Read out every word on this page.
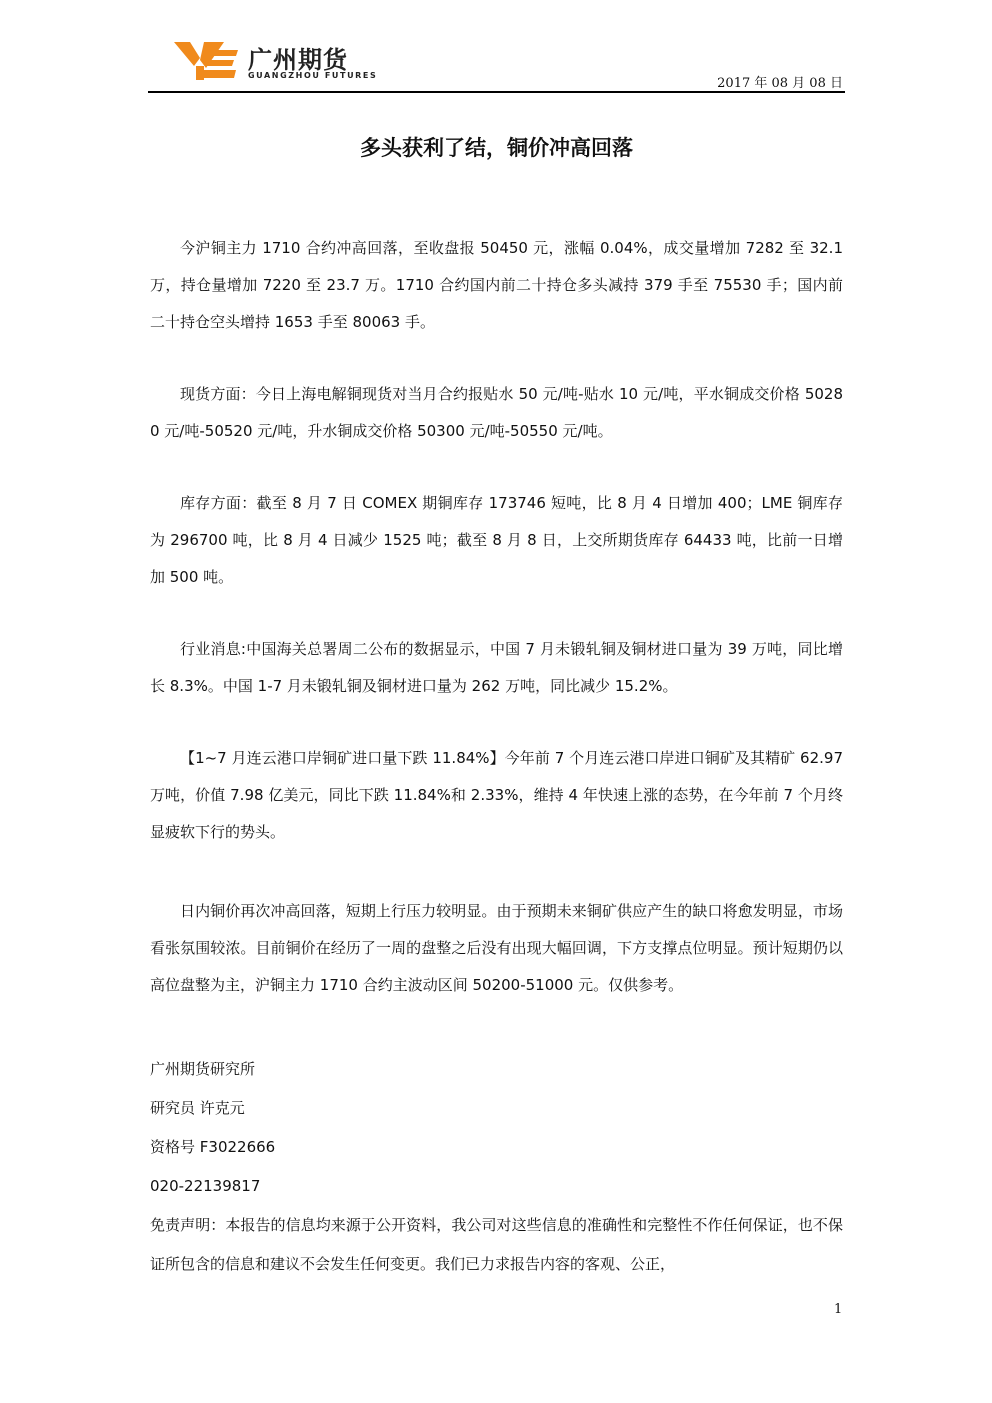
广州期货
GUANGZHOU FUTURES
2017 年 08 月 08 日
多头获利了结，铜价冲高回落

今沪铜主力 1710 合约冲高回落，至收盘报 50450 元，涨幅 0.04%，成交量增加 7282 至 32.1 万，持仓量增加 7220 至 23.7 万。1710 合约国内前二十持仓多头减持 379 手至 75530 手；国内前二十持仓空头增持 1653 手至 80063 手。

现货方面：今日上海电解铜现货对当月合约报贴水 50 元/吨-贴水 10 元/吨，平水铜成交价格 50280 元/吨-50520 元/吨，升水铜成交价格 50300 元/吨-50550 元/吨。

库存方面：截至 8 月 7 日 COMEX 期铜库存 173746 短吨，比 8 月 4 日增加 400；LME 铜库存为 296700 吨，比 8 月 4 日减少 1525 吨；截至 8 月 8 日，上交所期货库存 64433 吨，比前一日增加 500 吨。

行业消息:中国海关总署周二公布的数据显示，中国 7 月未锻轧铜及铜材进口量为 39 万吨，同比增长 8.3%。中国 1-7 月未锻轧铜及铜材进口量为 262 万吨，同比减少 15.2%。

【1~7 月连云港口岸铜矿进口量下跌 11.84%】今年前 7 个月连云港口岸进口铜矿及其精矿 62.97 万吨，价值 7.98 亿美元，同比下跌 11.84%和 2.33%，维持 4 年快速上涨的态势，在今年前 7 个月终显疲软下行的势头。

日内铜价再次冲高回落，短期上行压力较明显。由于预期未来铜矿供应产生的缺口将愈发明显，市场看张氛围较浓。目前铜价在经历了一周的盘整之后没有出现大幅回调，下方支撑点位明显。预计短期仍以高位盘整为主，沪铜主力 1710 合约主波动区间 50200-51000 元。仅供参考。

广州期货研究所

研究员 许克元

资格号 F3022666

020-22139817

免责声明：本报告的信息均来源于公开资料，我公司对这些信息的准确性和完整性不作任何保证，也不保证所包含的信息和建议不会发生任何变更。我们已力求报告内容的客观、公正，

1
